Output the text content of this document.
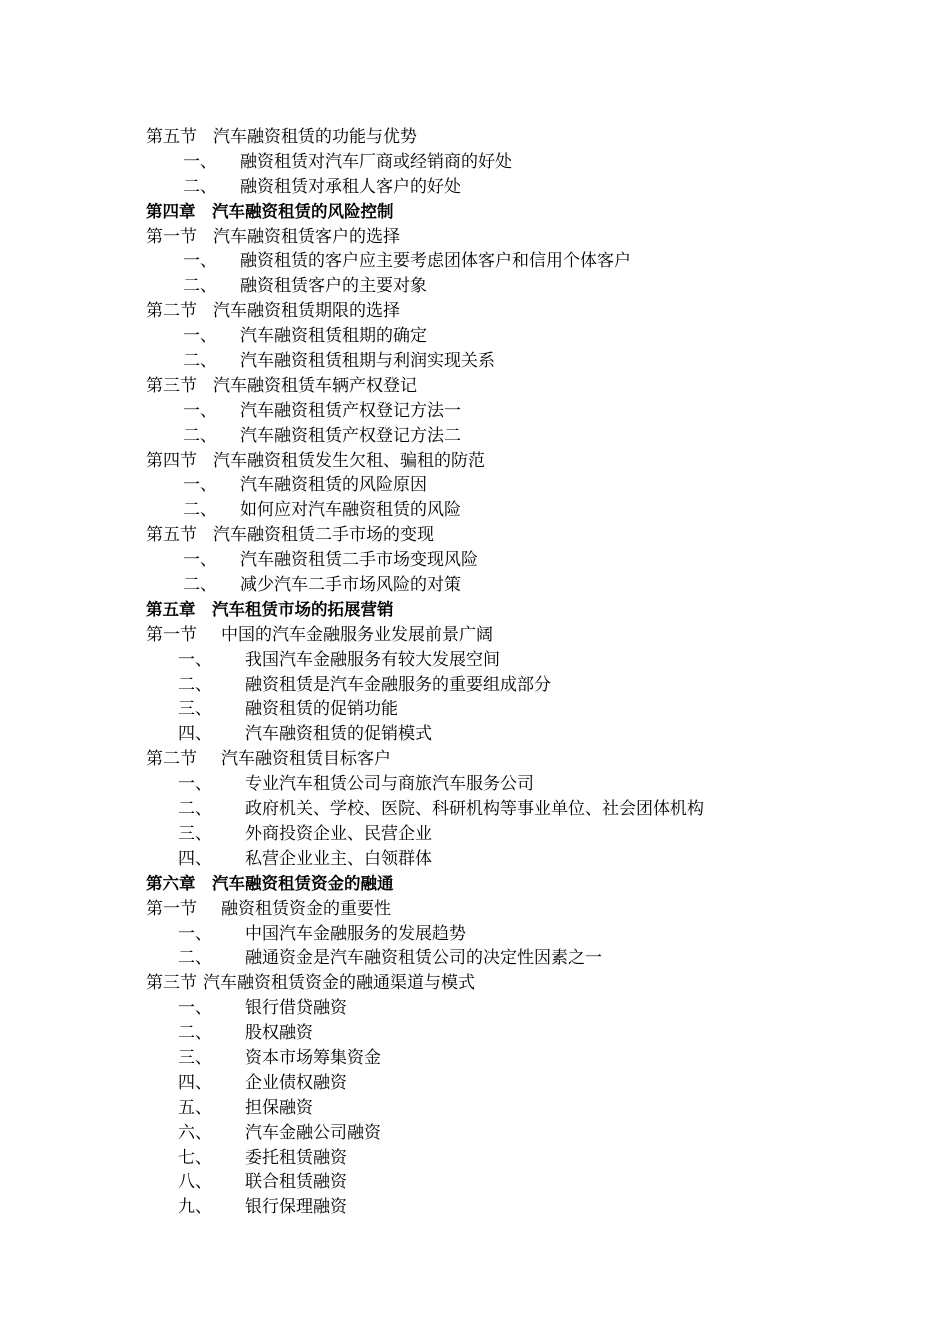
第五节 汽车融资租赁的功能与优势
一、 融资租赁对汽车厂商或经销商的好处
二、 融资租赁对承租人客户的好处
第四章 汽车融资租赁的风险控制
第一节 汽车融资租赁客户的选择
一、 融资租赁的客户应主要考虑团体客户和信用个体客户
二、 融资租赁客户的主要对象
第二节 汽车融资租赁期限的选择
一、 汽车融资租赁租期的确定
二、 汽车融资租赁租期与利润实现关系
第三节 汽车融资租赁车辆产权登记
一、 汽车融资租赁产权登记方法一
二、 汽车融资租赁产权登记方法二
第四节 汽车融资租赁发生欠租、骗租的防范
一、 汽车融资租赁的风险原因
二、 如何应对汽车融资租赁的风险
第五节 汽车融资租赁二手市场的变现
一、 汽车融资租赁二手市场变现风险
二、 减少汽车二手市场风险的对策
第五章 汽车租赁市场的拓展营销
第一节 中国的汽车金融服务业发展前景广阔
一、 我国汽车金融服务有较大发展空间
二、 融资租赁是汽车金融服务的重要组成部分
三、 融资租赁的促销功能
四、 汽车融资租赁的促销模式
第二节 汽车融资租赁目标客户
一、 专业汽车租赁公司与商旅汽车服务公司
二、 政府机关、学校、医院、科研机构等事业单位、社会团体机构
三、 外商投资企业、民营企业
四、 私营企业业主、白领群体
第六章 汽车融资租赁资金的融通
第一节 融资租赁资金的重要性
一、 中国汽车金融服务的发展趋势
二、 融通资金是汽车融资租赁公司的决定性因素之一
第三节 汽车融资租赁资金的融通渠道与模式
一、 银行借贷融资
二、 股权融资
三、 资本市场筹集资金
四、 企业债权融资
五、 担保融资
六、 汽车金融公司融资
七、 委托租赁融资
八、 联合租赁融资
九、 银行保理融资
